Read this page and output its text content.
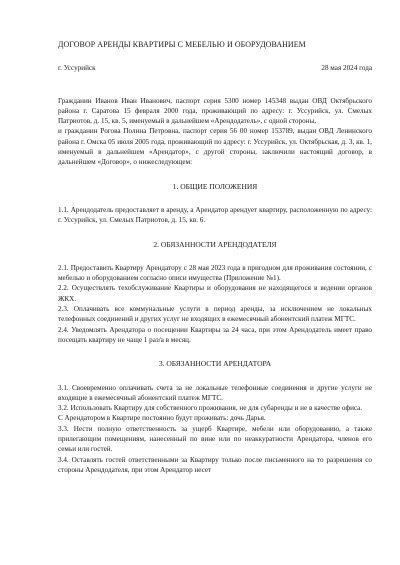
ДОГОВОР АРЕНДЫ КВАРТИРЫ С МЕБЕЛЬЮ И ОБОРУДОВАНИЕМ
г. Уссурийск	28 мая 2024 года

Гражданин Иванов Иван Иванович, паспорт серия 5300 номер 145348 выдан ОВД Октябрьского района г. Саратова 15 февраля 2000 года, проживающий по адресу: г. Уссурийск, ул. Смелых Патриотов, д. 15, кв. 5, именуемый в дальнейшем «Арендодатель», с одной стороны,

и гражданин Рогова Полина Петровна, паспорт серия 56 00 номер 153789, выдан ОВД Ленинского района г. Омска 05 июля 2005 года, проживающий по адресу: г. Уссурийск, ул. Октябрьская, д. 3, кв. 1, именуемый в дальнейшем «Арендатор», с другой стороны, заключили настоящий договор, в дальнейшем «Договор», о нижеследующем:

1. ОБЩИЕ ПОЛОЖЕНИЯ

1.1. Арендодатель предоставляет в аренду, а Арендатор арендует квартиру, расположенную по адресу: г. Уссурийск, ул. Смелых Патриотов, д. 15, кв. 6.

2. ОБЯЗАННОСТИ АРЕНДОДАТЕЛЯ

2.1. Предоставить Квартиру Арендатору с 28 мая 2023 года в пригодном для проживания состоянии, с мебелью и оборудованием согласно описи имущества (Приложение №1).

2.2. Осуществлять техобслуживание Квартиры и оборудования не находящегося в ведении органов ЖКХ.

2.3. Оплачивать все коммунальные услуги в период аренды, за исключением не локальных телефонных соединений и других услуг не входящих в ежемесячный абонентский платеж МГТС.

2.4. Уведомлять Арендатора о посещении Квартиры за 24 часа, при этом Арендодатель имеет право посещать квартиру не чаще 1 раз/а в месяц.

3. ОБЯЗАННОСТИ АРЕНДАТОРА

3.1. Своевременно оплачивать счета за не локальные телефонные соединения и другие услуги не входящие в ежемесячный абонентский платеж МГТС.

3.2. Использовать Квартиру для собственного проживания, не для субаренды и не в качестве офиса.

С Арендатором в Квартире постоянно будут проживать: дочь Дарья.

3.3. Нести полную ответственность за ущерб Квартире, мебели или оборудованию, а также прилегающим помещениям, нанесенный по вине или по неаккуратности Арендатора, членов его семьи или гостей.

3.4. Оставлять гостей ответственными за Квартиру только после письменного на то разрешения со стороны Арендодателя, при этом Арендатор несет
